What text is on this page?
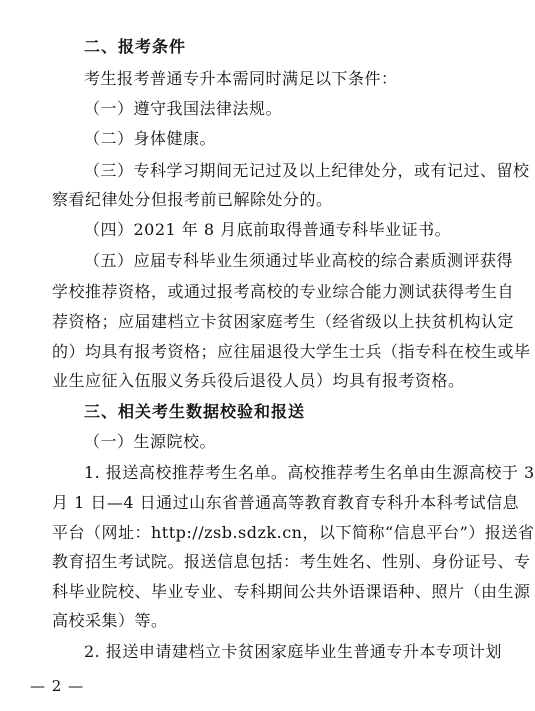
二、报考条件
考生报考普通专升本需同时满足以下条件：
（一）遵守我国法律法规。
（二）身体健康。
（三）专科学习期间无记过及以上纪律处分，或有记过、留校
察看纪律处分但报考前已解除处分的。
（四）2021 年 8 月底前取得普通专科毕业证书。
（五）应届专科毕业生须通过毕业高校的综合素质测评获得
学校推荐资格，或通过报考高校的专业综合能力测试获得考生自
荐资格；应届建档立卡贫困家庭考生（经省级以上扶贫机构认定
的）均具有报考资格；应往届退役大学生士兵（指专科在校生或毕
业生应征入伍服义务兵役后退役人员）均具有报考资格。
三、相关考生数据校验和报送
（一）生源院校。
1. 报送高校推荐考生名单。高校推荐考生名单由生源高校于 3
月 1 日—4 日通过山东省普通高等教育教育专科升本科考试信息
平台（网址：http://zsb.sdzk.cn，以下简称“信息平台”）报送省
教育招生考试院。报送信息包括：考生姓名、性别、身份证号、专
科毕业院校、毕业专业、专科期间公共外语课语种、照片（由生源
高校采集）等。
2. 报送申请建档立卡贫困家庭毕业生普通专升本专项计划
— 2 —
